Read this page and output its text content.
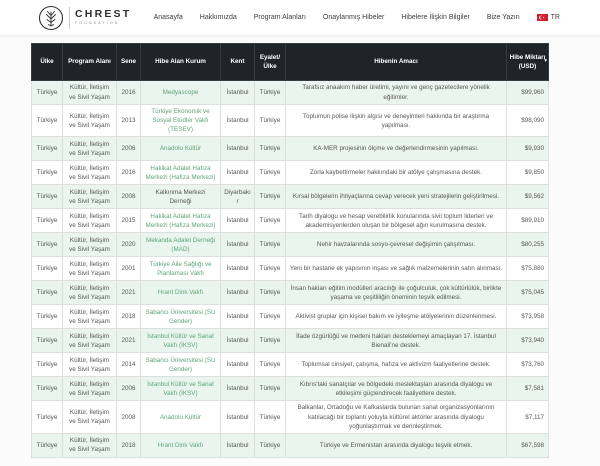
CHREST
FOUNDATION
Anasayfa Hakkımızda Program Alanları Onaylanmış Hibeler Hibelere İlişkin Bilgiler Bize Yazın	TR
Ülke	Program Alanı	Sene	Hibe Alan Kurum	Kent	Eyalet/Ülke	Hibenin Amacı	Hibe Miktarı (USD)
▾

Türkiye	Kültür, İletişim ve Sivil Yaşam	2016	Medyascope	İstanbul	Türkiye	Tarafsız anaakım haber üretimi, yayını ve genç gazetecilere yönelik eğitimler.	$99,960
Türkiye	Kültür, İletişim ve Sivil Yaşam	2013	Türkiye Ekonomik ve Sosyal Etüdler Vakfı (TESEV)	İstanbul	Türkiye	Toplumun polise ilişkin algısı ve deneyimleri hakkında bir araştırma yapılması.	$98,090
Türkiye	Kültür, İletişim ve Sivil Yaşam	2006	Anadolu Kültür	İstanbul	Türkiye	KA-MER projesinin ölçme ve değerlendirmesinin yapılması.	$9,930
Türkiye	Kültür, İletişim ve Sivil Yaşam	2016	Hakikat Adalet Hafıza Merkezi (Hafıza Merkezi)	İstanbul	Türkiye	Zorla kaybettirmeler hakkındaki bir atölye çalışmasına destek.	$9,850
Türkiye	Kültür, İletişim ve Sivil Yaşam	2008	Kalkınma Merkezi Derneği	Diyarbakır	Türkiye	Kırsal bölgelerin ihtiyaçlarına cevap verecek yeni stratejilerin geliştirilmesi.	$9,562
Türkiye	Kültür, İletişim ve Sivil Yaşam	2015	Hakikat Adalet Hafıza Merkezi (Hafıza Merkezi)	İstanbul	Türkiye	Tarih diyalogu ve hesap verebilirlik konularında sivil toplum liderleri ve akademisyenlerden oluşan bir bölgesel ağın kurulmasına destek.	$89,910
Türkiye	Kültür, İletişim ve Sivil Yaşam	2020	Mekanda Adalet Derneği (MAD)	İstanbul	Türkiye	Nehir havzalarında sosyo-çevresel değişimin çalışılması.	$80,255
Türkiye	Kültür, İletişim ve Sivil Yaşam	2001	Türkiye Aile Sağlığı ve Planlaması Vakfı	İstanbul	Türkiye	Yeni bir hastane ek yapısının inşası ve sağlık malzemelerinin satın alınması.	$75,880
Türkiye	Kültür, İletişim ve Sivil Yaşam	2021	Hrant Dink Vakfı	İstanbul	Türkiye	İnsan hakları eğitim modülleri aracılığı ile çoğulculuk, çok kültürlülük, birlikte yaşama ve çeşitliliğin öneminin teşvik edilmesi.	$75,045
Türkiye	Kültür, İletişim ve Sivil Yaşam	2018	Sabancı Üniversitesi (SU Gender)	İstanbul	Türkiye	Aktivist gruplar için kişisel bakım ve iyileşme atölyelerinin düzenlenmesi.	$73,958
Türkiye	Kültür, İletişim ve Sivil Yaşam	2021	İstanbul Kültür ve Sanat Vakfı (İKSV)	İstanbul	Türkiye	İfade özgürlüğü ve medeni hakları desteklemeyi amaçlayan 17. İstanbul Bienali'ne destek.	$73,940
Türkiye	Kültür, İletişim ve Sivil Yaşam	2014	Sabancı Üniversitesi (SU Gender)	İstanbul	Türkiye	Toplumsal cinsiyet, çatışma, hafıza ve aktivizm faaliyetlerine destek.	$73,760
Türkiye	Kültür, İletişim ve Sivil Yaşam	2006	İstanbul Kültür ve Sanat Vakfı (İKSV)	İstanbul	Türkiye	Kıbrıs'taki sanatçılar ve bölgedeki meslektaşları arasında diyalogu ve etkileşimi güçlendirecek faaliyetlere destek.	$7,581
Türkiye	Kültür, İletişim ve Sivil Yaşam	2008	Anadolu Kültür	İstanbul	Türkiye	Balkanlar, Ortadoğu ve Kafkaslarda bulunan sanat organizasyonlarının katılacağı bir toplantı yoluyla kültürel aktörler arasında diyalogu yoğunlaştırmak ve derinleştirmek.	$7,117
Türkiye	Kültür, İletişim ve Sivil Yaşam	2018	Hrant Dink Vakfı	İstanbul	Türkiye	Türkiye ve Ermenistan arasında diyalogu teşvik etmek.	$67,598
